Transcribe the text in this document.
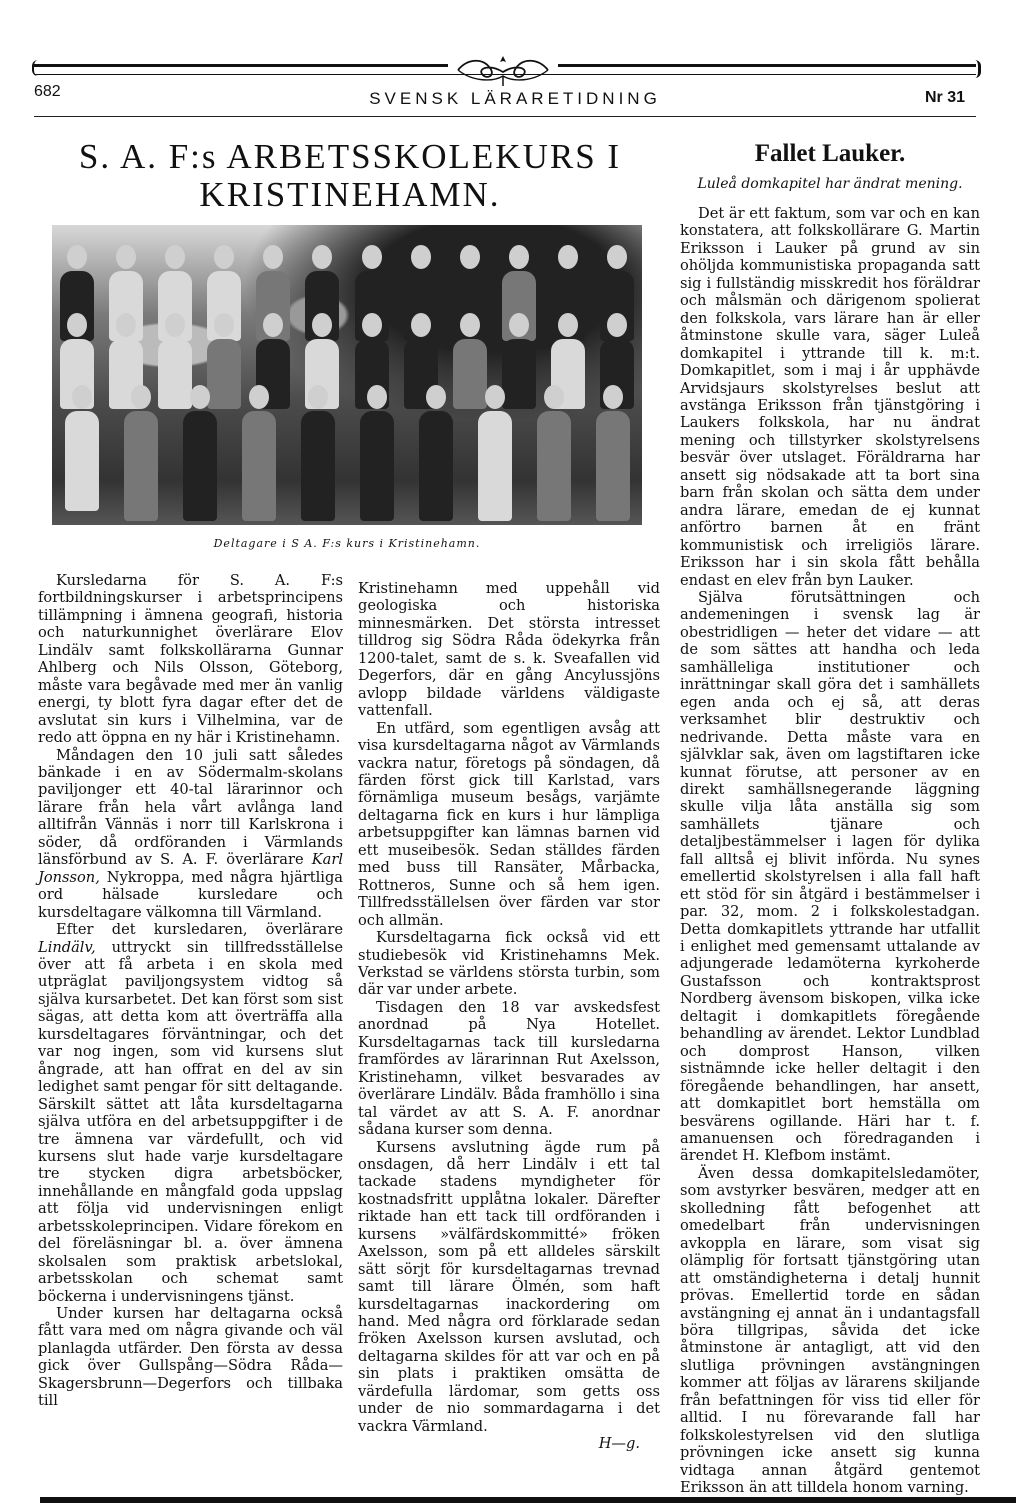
682	SVENSK LÄRARETIDNING	Nr 31
S. A. F:s ARBETSSKOLEKURS I
KRISTINEHAMN.
Deltagare i S A. F:s kurs i Kristinehamn.

Kursledarna för S. A. F:s fortbildningskurser i arbetsprincipens tillämpning i ämnena geografi, historia och naturkunnighet överlärare Elov Lindälv samt folkskollärarna Gunnar Ahlberg och Nils Olsson, Göteborg, måste vara begåvade med mer än vanlig energi, ty blott fyra dagar efter det de avslutat sin kurs i Vilhelmina, var de redo att öppna en ny här i Kristinehamn.

Måndagen den 10 juli satt således bänkade i en av Södermalm-skolans paviljonger ett 40-tal lärarinnor och lärare från hela vårt avlånga land alltifrån Vännäs i norr till Karlskrona i söder, då ordföranden i Värmlands länsförbund av S. A. F. överlärare Karl Jonsson, Nykroppa, med några hjärtliga ord hälsade kursledare och kursdeltagare välkomna till Värmland.

Efter det kursledaren, överlärare Lindälv, uttryckt sin tillfredsställelse över att få arbeta i en skola med utpräglat paviljongsystem vidtog så själva kursarbetet. Det kan först som sist sägas, att detta kom att överträffa alla kursdeltagares förväntningar, och det var nog ingen, som vid kursens slut ångrade, att han offrat en del av sin ledighet samt pengar för sitt deltagande. Särskilt sättet att låta kursdeltagarna själva utföra en del arbetsuppgifter i de tre ämnena var värdefullt, och vid kursens slut hade varje kursdeltagare tre stycken digra arbetsböcker, innehållande en mångfald goda uppslag att följa vid undervisningen enligt arbetsskoleprincipen. Vidare förekom en del föreläsningar bl. a. över ämnena skolsalen som praktisk arbetslokal, arbetsskolan och schemat samt böckerna i undervisningens tjänst.

Under kursen har deltagarna också fått vara med om några givande och väl planlagda utfärder. Den första av dessa gick över Gullspång—Södra Råda—Skagersbrunn—Degerfors och tillbaka till

Kristinehamn med uppehåll vid geologiska och historiska minnesmärken. Det största intresset tilldrog sig Södra Råda ödekyrka från 1200-talet, samt de s. k. Sveafallen vid Degerfors, där en gång Ancylussjöns avlopp bildade världens väldigaste vattenfall.

En utfärd, som egentligen avsåg att visa kursdeltagarna något av Värmlands vackra natur, företogs på söndagen, då färden först gick till Karlstad, vars förnämliga museum besågs, varjämte deltagarna fick en kurs i hur lämpliga arbetsuppgifter kan lämnas barnen vid ett museibesök. Sedan ställdes färden med buss till Ransäter, Mårbacka, Rottneros, Sunne och så hem igen. Tillfredsställelsen över färden var stor och allmän.

Kursdeltagarna fick också vid ett studiebesök vid Kristinehamns Mek. Verkstad se världens största turbin, som där var under arbete.

Tisdagen den 18 var avskedsfest anordnad på Nya Hotellet. Kursdeltagarnas tack till kursledarna framfördes av lärarinnan Rut Axelsson, Kristinehamn, vilket besvarades av överlärare Lindälv. Båda framhöllo i sina tal värdet av att S. A. F. anordnar sådana kurser som denna.

Kursens avslutning ägde rum på onsdagen, då herr Lindälv i ett tal tackade stadens myndigheter för kostnadsfritt upplåtna lokaler. Därefter riktade han ett tack till ordföranden i kursens »välfärdskommitté» fröken Axelsson, som på ett alldeles särskilt sätt sörjt för kursdeltagarnas trevnad samt till lärare Ölmén, som haft kursdeltagarnas inackordering om hand. Med några ord förklarade sedan fröken Axelsson kursen avslutad, och deltagarna skildes för att var och en på sin plats i praktiken omsätta de värdefulla lärdomar, som getts oss under de nio sommardagarna i det vackra Värmland.

H—g.

Fallet Lauker.
Luleå domkapitel har ändrat mening.

Det är ett faktum, som var och en kan konstatera, att folkskollärare G. Martin Eriksson i Lauker på grund av sin ohöljda kommunistiska propaganda satt sig i fullständig misskredit hos föräldrar och målsmän och därigenom spolierat den folkskola, vars lärare han är eller åtminstone skulle vara, säger Luleå domkapitel i yttrande till k. m:t. Domkapitlet, som i maj i år upphävde Arvidsjaurs skolstyrelses beslut att avstänga Eriksson från tjänstgöring i Laukers folkskola, har nu ändrat mening och tillstyrker skolstyrelsens besvär över utslaget. Föräldrarna har ansett sig nödsakade att ta bort sina barn från skolan och sätta dem under andra lärare, emedan de ej kunnat anförtro barnen åt en fränt kommunistisk och irreligiös lärare. Eriksson har i sin skola fått behålla endast en elev från byn Lauker.

Själva förutsättningen och andemeningen i svensk lag är obestridligen — heter det vidare — att de som sättes att handha och leda samhälleliga institutioner och inrättningar skall göra det i samhällets egen anda och ej så, att deras verksamhet blir destruktiv och nedrivande. Detta måste vara en självklar sak, även om lagstiftaren icke kunnat förutse, att personer av en direkt samhällsnegerande läggning skulle vilja låta anställa sig som samhällets tjänare och detaljbestämmelser i lagen för dylika fall alltså ej blivit införda. Nu synes emellertid skolstyrelsen i alla fall haft ett stöd för sin åtgärd i bestämmelser i par. 32, mom. 2 i folkskolestadgan. Detta domkapitlets yttrande har utfallit i enlighet med gemensamt uttalande av adjungerade ledamöterna kyrkoherde Gustafsson och kontraktsprost Nordberg ävensom biskopen, vilka icke deltagit i domkapitlets föregående behandling av ärendet. Lektor Lundblad och domprost Hanson, vilken sistnämnde icke heller deltagit i den föregående behandlingen, har ansett, att domkapitlet bort hemställa om besvärens ogillande. Häri har t. f. amanuensen och föredraganden i ärendet H. Klefbom instämt.

Även dessa domkapitelsledamöter, som avstyrker besvären, medger att en skolledning fått befogenhet att omedelbart från undervisningen avkoppla en lärare, som visat sig olämplig för fortsatt tjänstgöring utan att omständigheterna i detalj hunnit prövas. Emellertid torde en sådan avstängning ej annat än i undantagsfall böra tillgripas, såvida det icke åtminstone är antagligt, att vid den slutliga prövningen avstängningen kommer att följas av lärarens skiljande från befattningen för viss tid eller för alltid. I nu förevarande fall har folkskolestyrelsen vid den slutliga prövningen icke ansett sig kunna vidtaga annan åtgärd gentemot Eriksson än att tilldela honom varning.
